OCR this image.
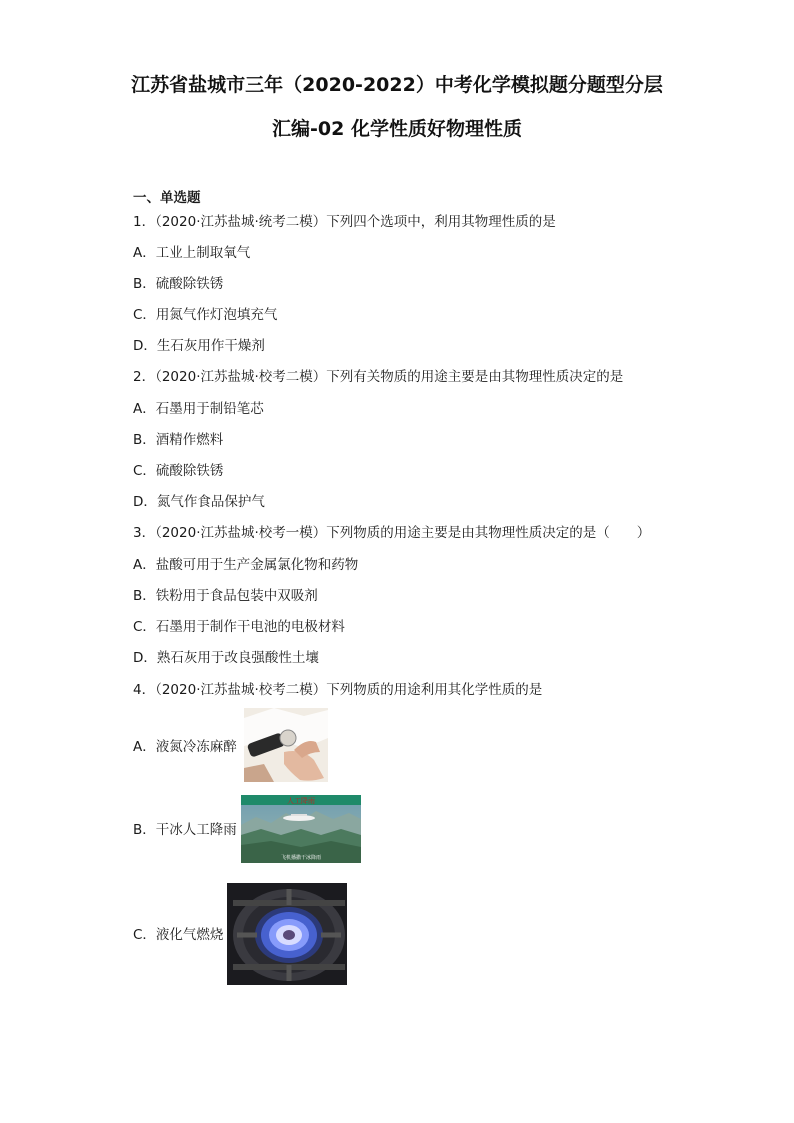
江苏省盐城市三年（2020-2022）中考化学模拟题分题型分层
汇编-02 化学性质好物理性质
一、单选题
1．（2020·江苏盐城·统考二模）下列四个选项中，利用其物理性质的是
A．工业上制取氧气
B．硫酸除铁锈
C．用氮气作灯泡填充气
D．生石灰用作干燥剂
2．（2020·江苏盐城·校考二模）下列有关物质的用途主要是由其物理性质决定的是
A．石墨用于制铅笔芯
B．酒精作燃料
C．硫酸除铁锈
D．氮气作食品保护气
3．（2020·江苏盐城·校考一模）下列物质的用途主要是由其物理性质决定的是（　　）
A．盐酸可用于生产金属氯化物和药物
B．铁粉用于食品包装中双吸剂
C．石墨用于制作干电池的电极材料
D．熟石灰用于改良强酸性土壤
4．（2020·江苏盐城·校考二模）下列物质的用途利用其化学性质的是
A．液氮冷冻麻醉
B．干冰人工降雨
C．液化气燃烧
人工降雨
飞机播撒干冰降雨
